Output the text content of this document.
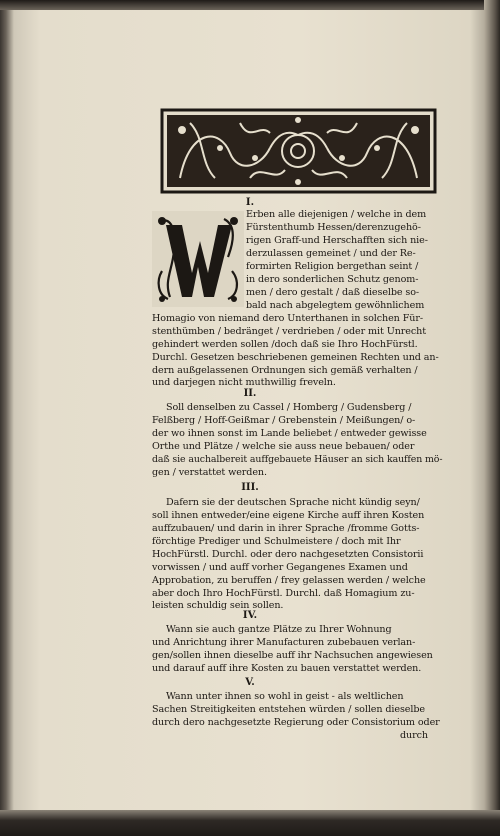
I.
II.
III.
IV.
V.
Erben alle diejenigen / welche in dem
Fürstenthumb Hessen/derenzugehö-
rigen Graff-und Herschafften sich nie-
derzulassen gemeinet / und der Re-
formirten Religion bergethan seint /
in dero sonderlichen Schutz genom-
men / dero gestalt / daß dieselbe so-
bald nach abgelegtem gewöhnlichem
Homagio von niemand dero Unterthanen in solchen Für-
stenthümben / bedränget / verdrieben / oder mit Unrecht
gehindert werden sollen /doch daß sie Ihro HochFürstl.
Durchl. Gesetzen beschriebenen gemeinen Rechten und an-
dern außgelassenen Ordnungen sich gemäß verhalten /
und darjegen nicht muthwillig freveln.
Soll denselben zu Cassel / Homberg / Gudensberg /
Felßberg / Hoff-Geißmar / Grebenstein / Meißungen/ o-
der wo ihnen sonst im Lande beliebet / entweder gewisse
Orthe und Plätze / welche sie auss neue bebauen/ oder
daß sie auchalbereit auffgebauete Häuser an sich kauffen mö-
gen / verstattet werden.
Dafern sie der deutschen Sprache nicht kündig seyn/
soll ihnen entweder/eine eigene Kirche auff ihren Kosten
auffzubauen/ und darin in ihrer Sprache /fromme Gotts-
förchtige Prediger und Schulmeistere / doch mit Ihr
HochFürstl. Durchl. oder dero nachgesetzten Consistorii
vorwissen / und auff vorher Gegangenes Examen und
Approbation, zu beruffen / frey gelassen werden / welche
aber doch Ihro HochFürstl. Durchl. daß Homagium zu-
leisten schuldig sein sollen.
Wann sie auch gantze Plätze zu Ihrer Wohnung
und Anrichtung ihrer Manufacturen zubebauen verlan-
gen/sollen ihnen dieselbe auff ihr Nachsuchen angewiesen
und darauf auff ihre Kosten zu bauen verstattet werden.
Wann unter ihnen so wohl in geist - als weltlichen
Sachen Streitigkeiten entstehen würden / sollen dieselbe
durch dero nachgesetzte Regierung oder Consistorium oder
durch
